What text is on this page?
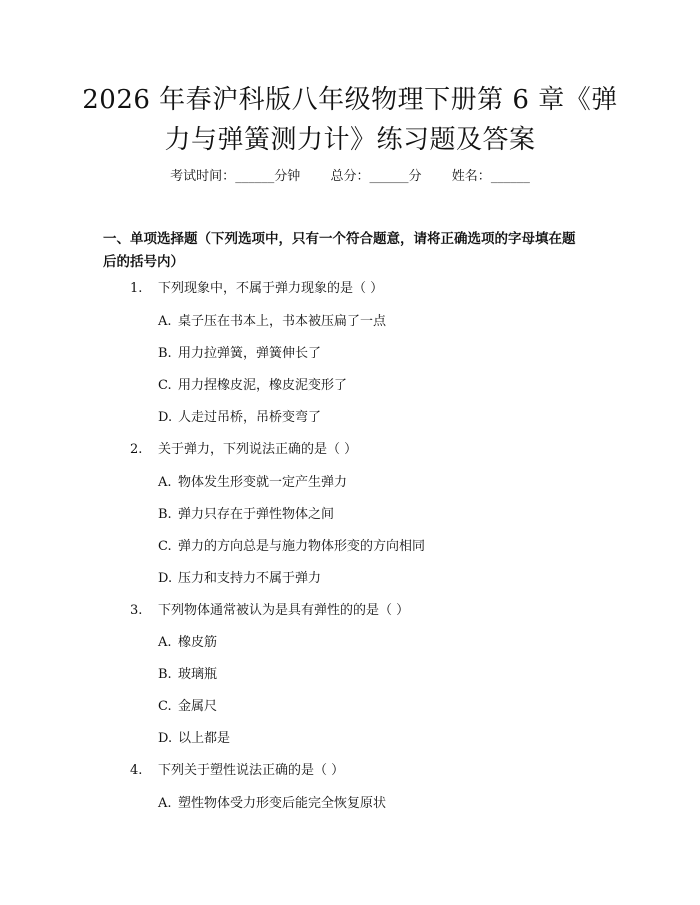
2026 年春沪科版八年级物理下册第 6 章《弹
力与弹簧测力计》练习题及答案
考试时间：______分钟 总分：______分 姓名：______
一、单项选择题（下列选项中，只有一个符合题意，请将正确选项的字母填在题
后的括号内）
1. 下列现象中，不属于弹力现象的是（ ）
A. 桌子压在书本上，书本被压扁了一点
B. 用力拉弹簧，弹簧伸长了
C. 用力捏橡皮泥，橡皮泥变形了
D. 人走过吊桥，吊桥变弯了
2. 关于弹力，下列说法正确的是（ ）
A. 物体发生形变就一定产生弹力
B. 弹力只存在于弹性物体之间
C. 弹力的方向总是与施力物体形变的方向相同
D. 压力和支持力不属于弹力
3. 下列物体通常被认为是具有弹性的的是（ ）
A. 橡皮筋
B. 玻璃瓶
C. 金属尺
D. 以上都是
4. 下列关于塑性说法正确的是（ ）
A. 塑性物体受力形变后能完全恢复原状
